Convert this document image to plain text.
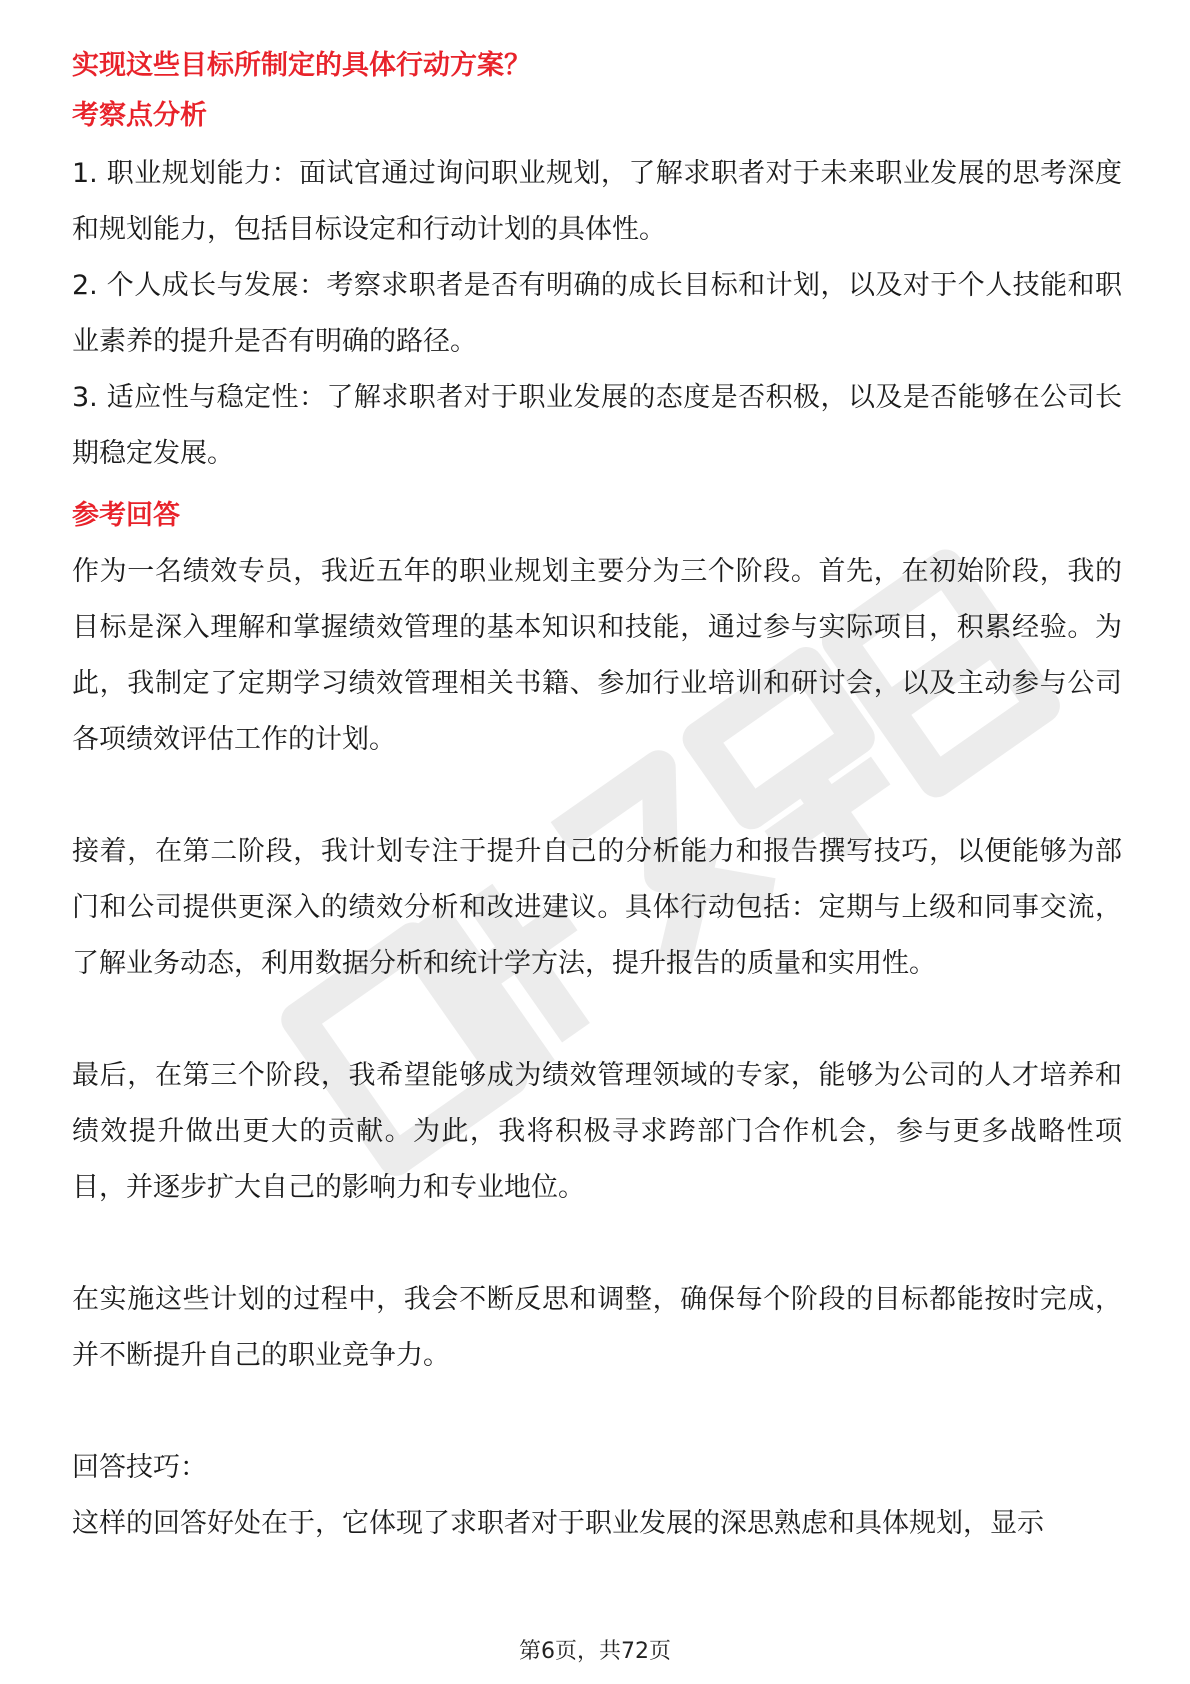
实现这些目标所制定的具体行动方案？

考察点分析

1. 职业规划能力：面试官通过询问职业规划，了解求职者对于未来职业发展的思考深度和规划能力，包括目标设定和行动计划的具体性。

2. 个人成长与发展：考察求职者是否有明确的成长目标和计划，以及对于个人技能和职业素养的提升是否有明确的路径。

3. 适应性与稳定性：了解求职者对于职业发展的态度是否积极，以及是否能够在公司长期稳定发展。

参考回答

作为一名绩效专员，我近五年的职业规划主要分为三个阶段。首先，在初始阶段，我的目标是深入理解和掌握绩效管理的基本知识和技能，通过参与实际项目，积累经验。为此，我制定了定期学习绩效管理相关书籍、参加行业培训和研讨会，以及主动参与公司各项绩效评估工作的计划。

接着，在第二阶段，我计划专注于提升自己的分析能力和报告撰写技巧，以便能够为部门和公司提供更深入的绩效分析和改进建议。具体行动包括：定期与上级和同事交流，了解业务动态，利用数据分析和统计学方法，提升报告的质量和实用性。

最后，在第三个阶段，我希望能够成为绩效管理领域的专家，能够为公司的人才培养和绩效提升做出更大的贡献。为此，我将积极寻求跨部门合作机会，参与更多战略性项目，并逐步扩大自己的影响力和专业地位。

在实施这些计划的过程中，我会不断反思和调整，确保每个阶段的目标都能按时完成，并不断提升自己的职业竞争力。

回答技巧：

这样的回答好处在于，它体现了求职者对于职业发展的深思熟虑和具体规划，显示

第6页，共72页
